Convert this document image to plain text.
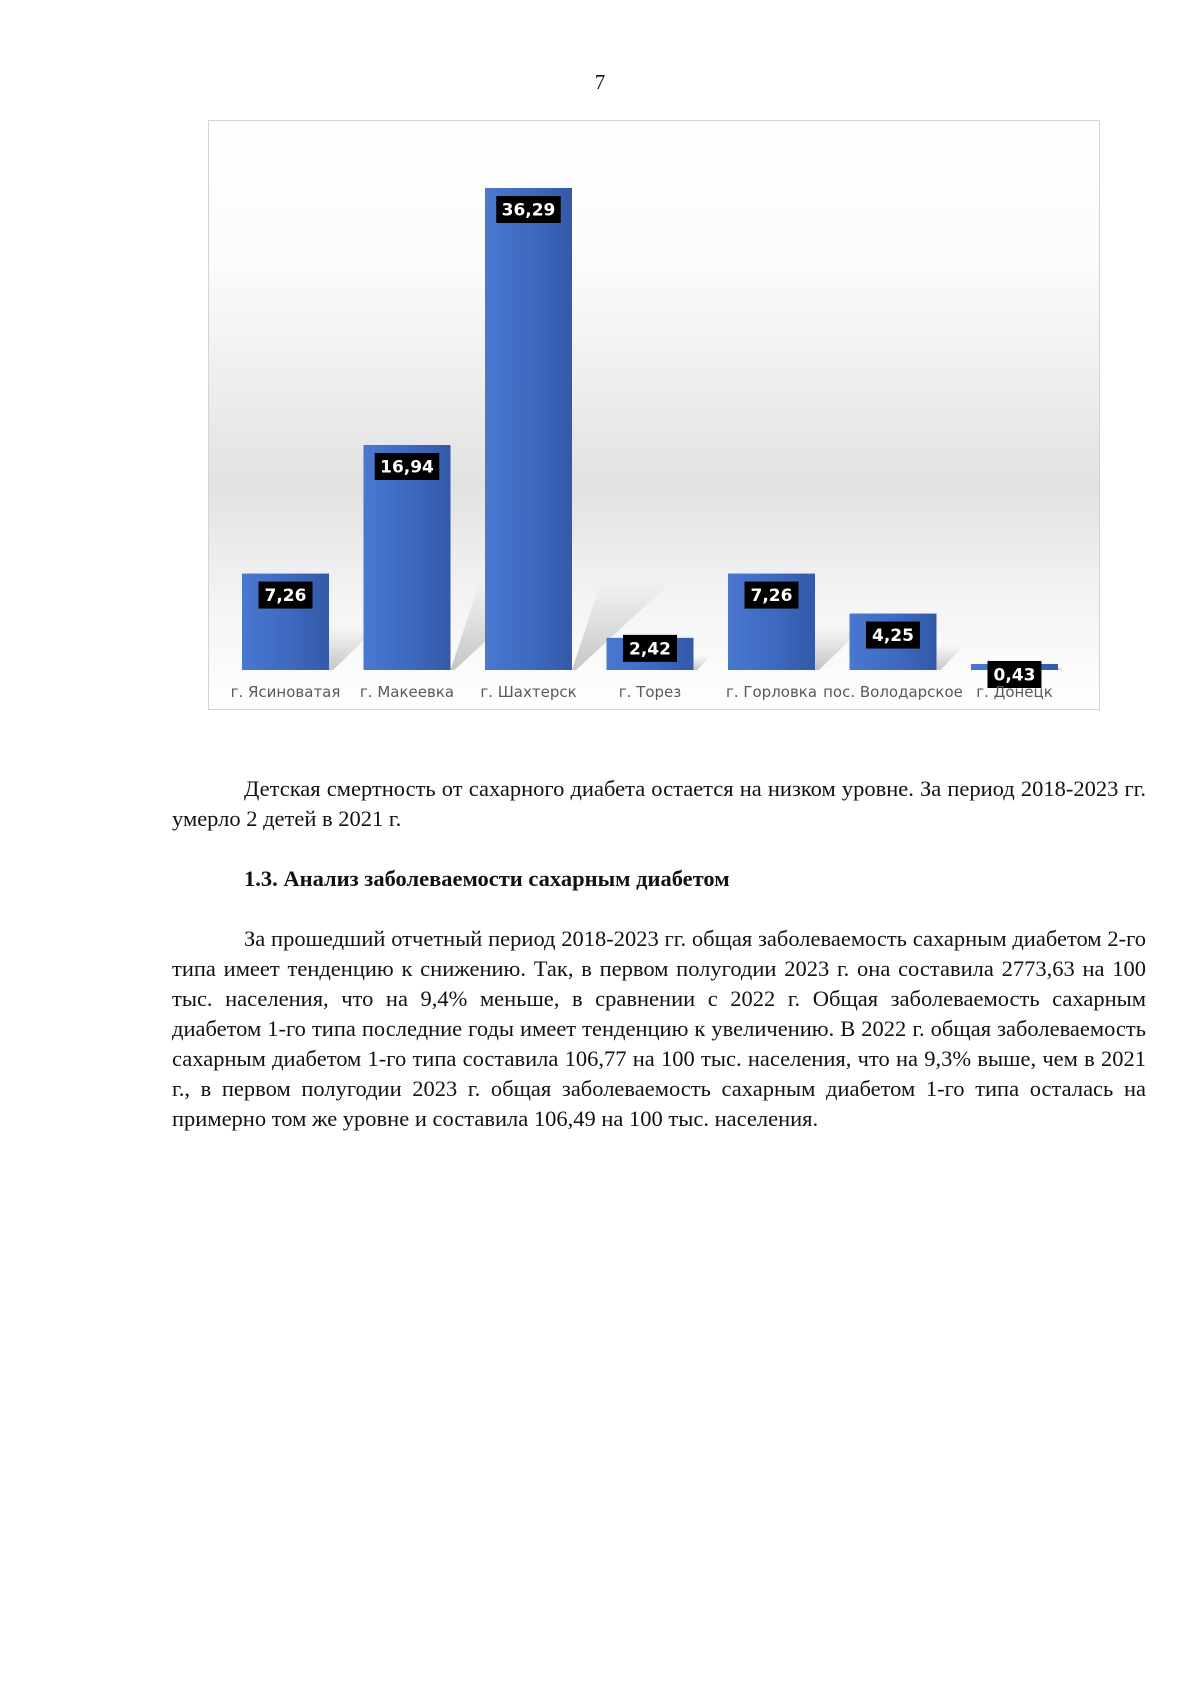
7
7,26
г. Ясиноватая
16,94
г. Макеевка
36,29
г. Шахтерск
2,42
г. Торез
7,26
г. Горловка
4,25
пос. Володарское
0,43
г. Донецк

Детская смертность от сахарного диабета остается на низком уровне. За период 2018-2023 гг. умерло 2 детей в 2021 г.

1.3. Анализ заболеваемости сахарным диабетом

За прошедший отчетный период 2018-2023 гг. общая заболеваемость сахарным диабетом 2-го типа имеет тенденцию к снижению. Так, в первом полугодии 2023 г. она составила 2773,63 на 100 тыс. населения, что на 9,4% меньше, в сравнении с 2022 г. Общая заболеваемость сахарным диабетом 1-го типа последние годы имеет тенденцию к увеличению. В 2022 г. общая заболеваемость сахарным диабетом 1-го типа составила 106,77 на 100 тыс. населения, что на 9,3% выше, чем в 2021 г., в первом полугодии 2023 г. общая заболеваемость сахарным диабетом 1-го типа осталась на примерно том же уровне и составила 106,49 на 100 тыс. населения.
